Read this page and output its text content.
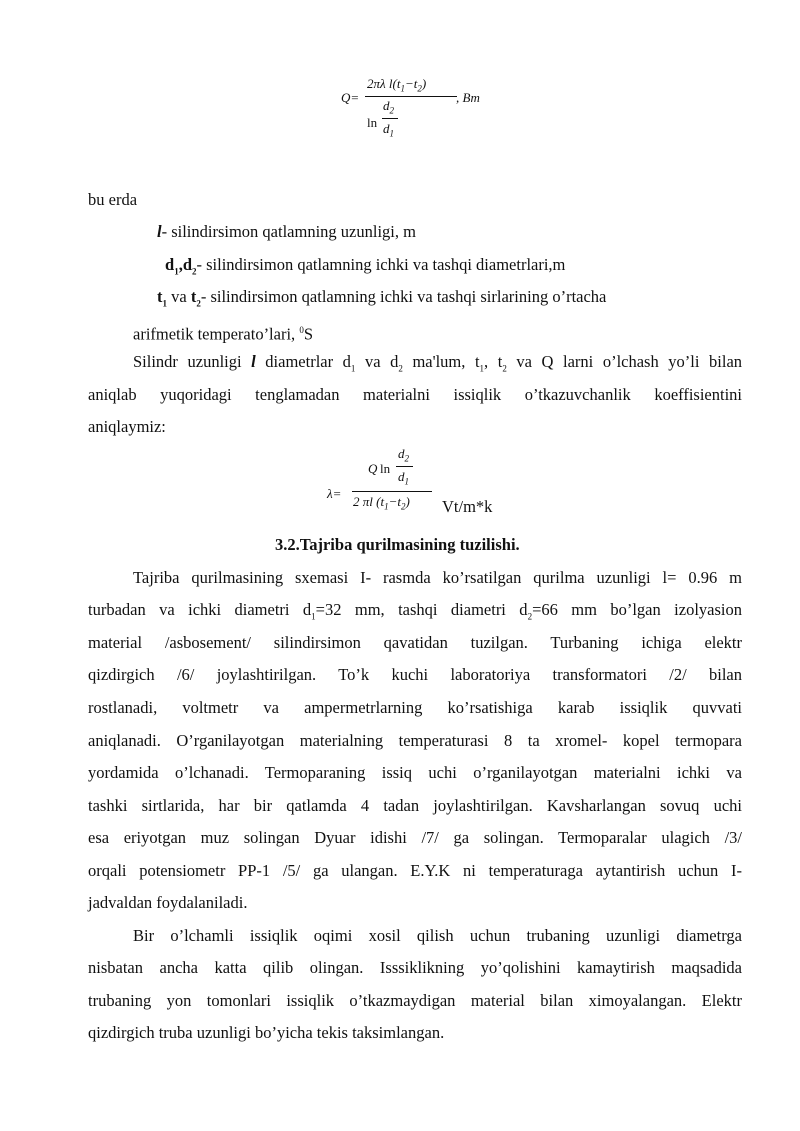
Q=
2πλ $l(t_1-t_2)$
ln
$d_2$
$d_1$
, Bm
bu erda
l- silindirsimon qatlamning uzunligi, m
$d_1,d_2-$ silindirsimon qatlamning ichki va tashqi diametrlari,m
$t_1$ va $t_2-$ silindirsimon qatlamning ichki va tashqi sirlarining o’rtacha
arifmetik temperato’lari, $^0$S
Silindr uzunligi l diametrlar $d_1$ va $d_2$ ma'lum, $t_1$, $t_2$ va Q larni o’lchash yo’li bilan
aniqlab yuqoridagi tenglamadan materialni issiqlik o’tkazuvchanlik koeffisientini
aniqlaymiz:
λ=
Q ln
$d_2$
$d_1$
2 πl $(t_1-t_2)$ Vt/m*k
3.2.Tajriba qurilmasining tuzilishi.
Tajriba qurilmasining sxemasi I- rasmda ko’rsatilgan qurilma uzunligi l= 0.96 m
turbadan va ichki diametri $d_1=32$ mm, tashqi diametri $d_2=66$ mm bo’lgan izolyasion
material /asbosement/ silindirsimon qavatidan tuzilgan. Turbaning ichiga elektr
qizdirgich /6/ joylashtirilgan. To’k kuchi laboratoriya transformatori /2/ bilan
rostlanadi, voltmetr va ampermetrlarning ko’rsatishiga karab issiqlik quvvati
aniqlanadi. O’rganilayotgan materialning temperaturasi 8 ta xromel- kopel termopara
yordamida o’lchanadi. Termoparaning issiq uchi o’rganilayotgan materialni ichki va
tashki sirtlarida, har bir qatlamda 4 tadan joylashtirilgan. Kavsharlangan sovuq uchi
esa eriyotgan muz solingan Dyuar idishi /7/ ga solingan. Termoparalar ulagich /3/
orqali potensiometr PP-1 /5/ ga ulangan. E.Y.K ni temperaturaga aytantirish uchun I-
jadvaldan foydalaniladi.
Bir o’lchamli issiqlik oqimi xosil qilish uchun trubaning uzunligi diametrga
nisbatan ancha katta qilib olingan. Isssiklikning yo’qolishini kamaytirish maqsadida
trubaning yon tomonlari issiqlik o’tkazmaydigan material bilan ximoyalangan. Elektr
qizdirgich truba uzunligi bo’yicha tekis taksimlangan.
